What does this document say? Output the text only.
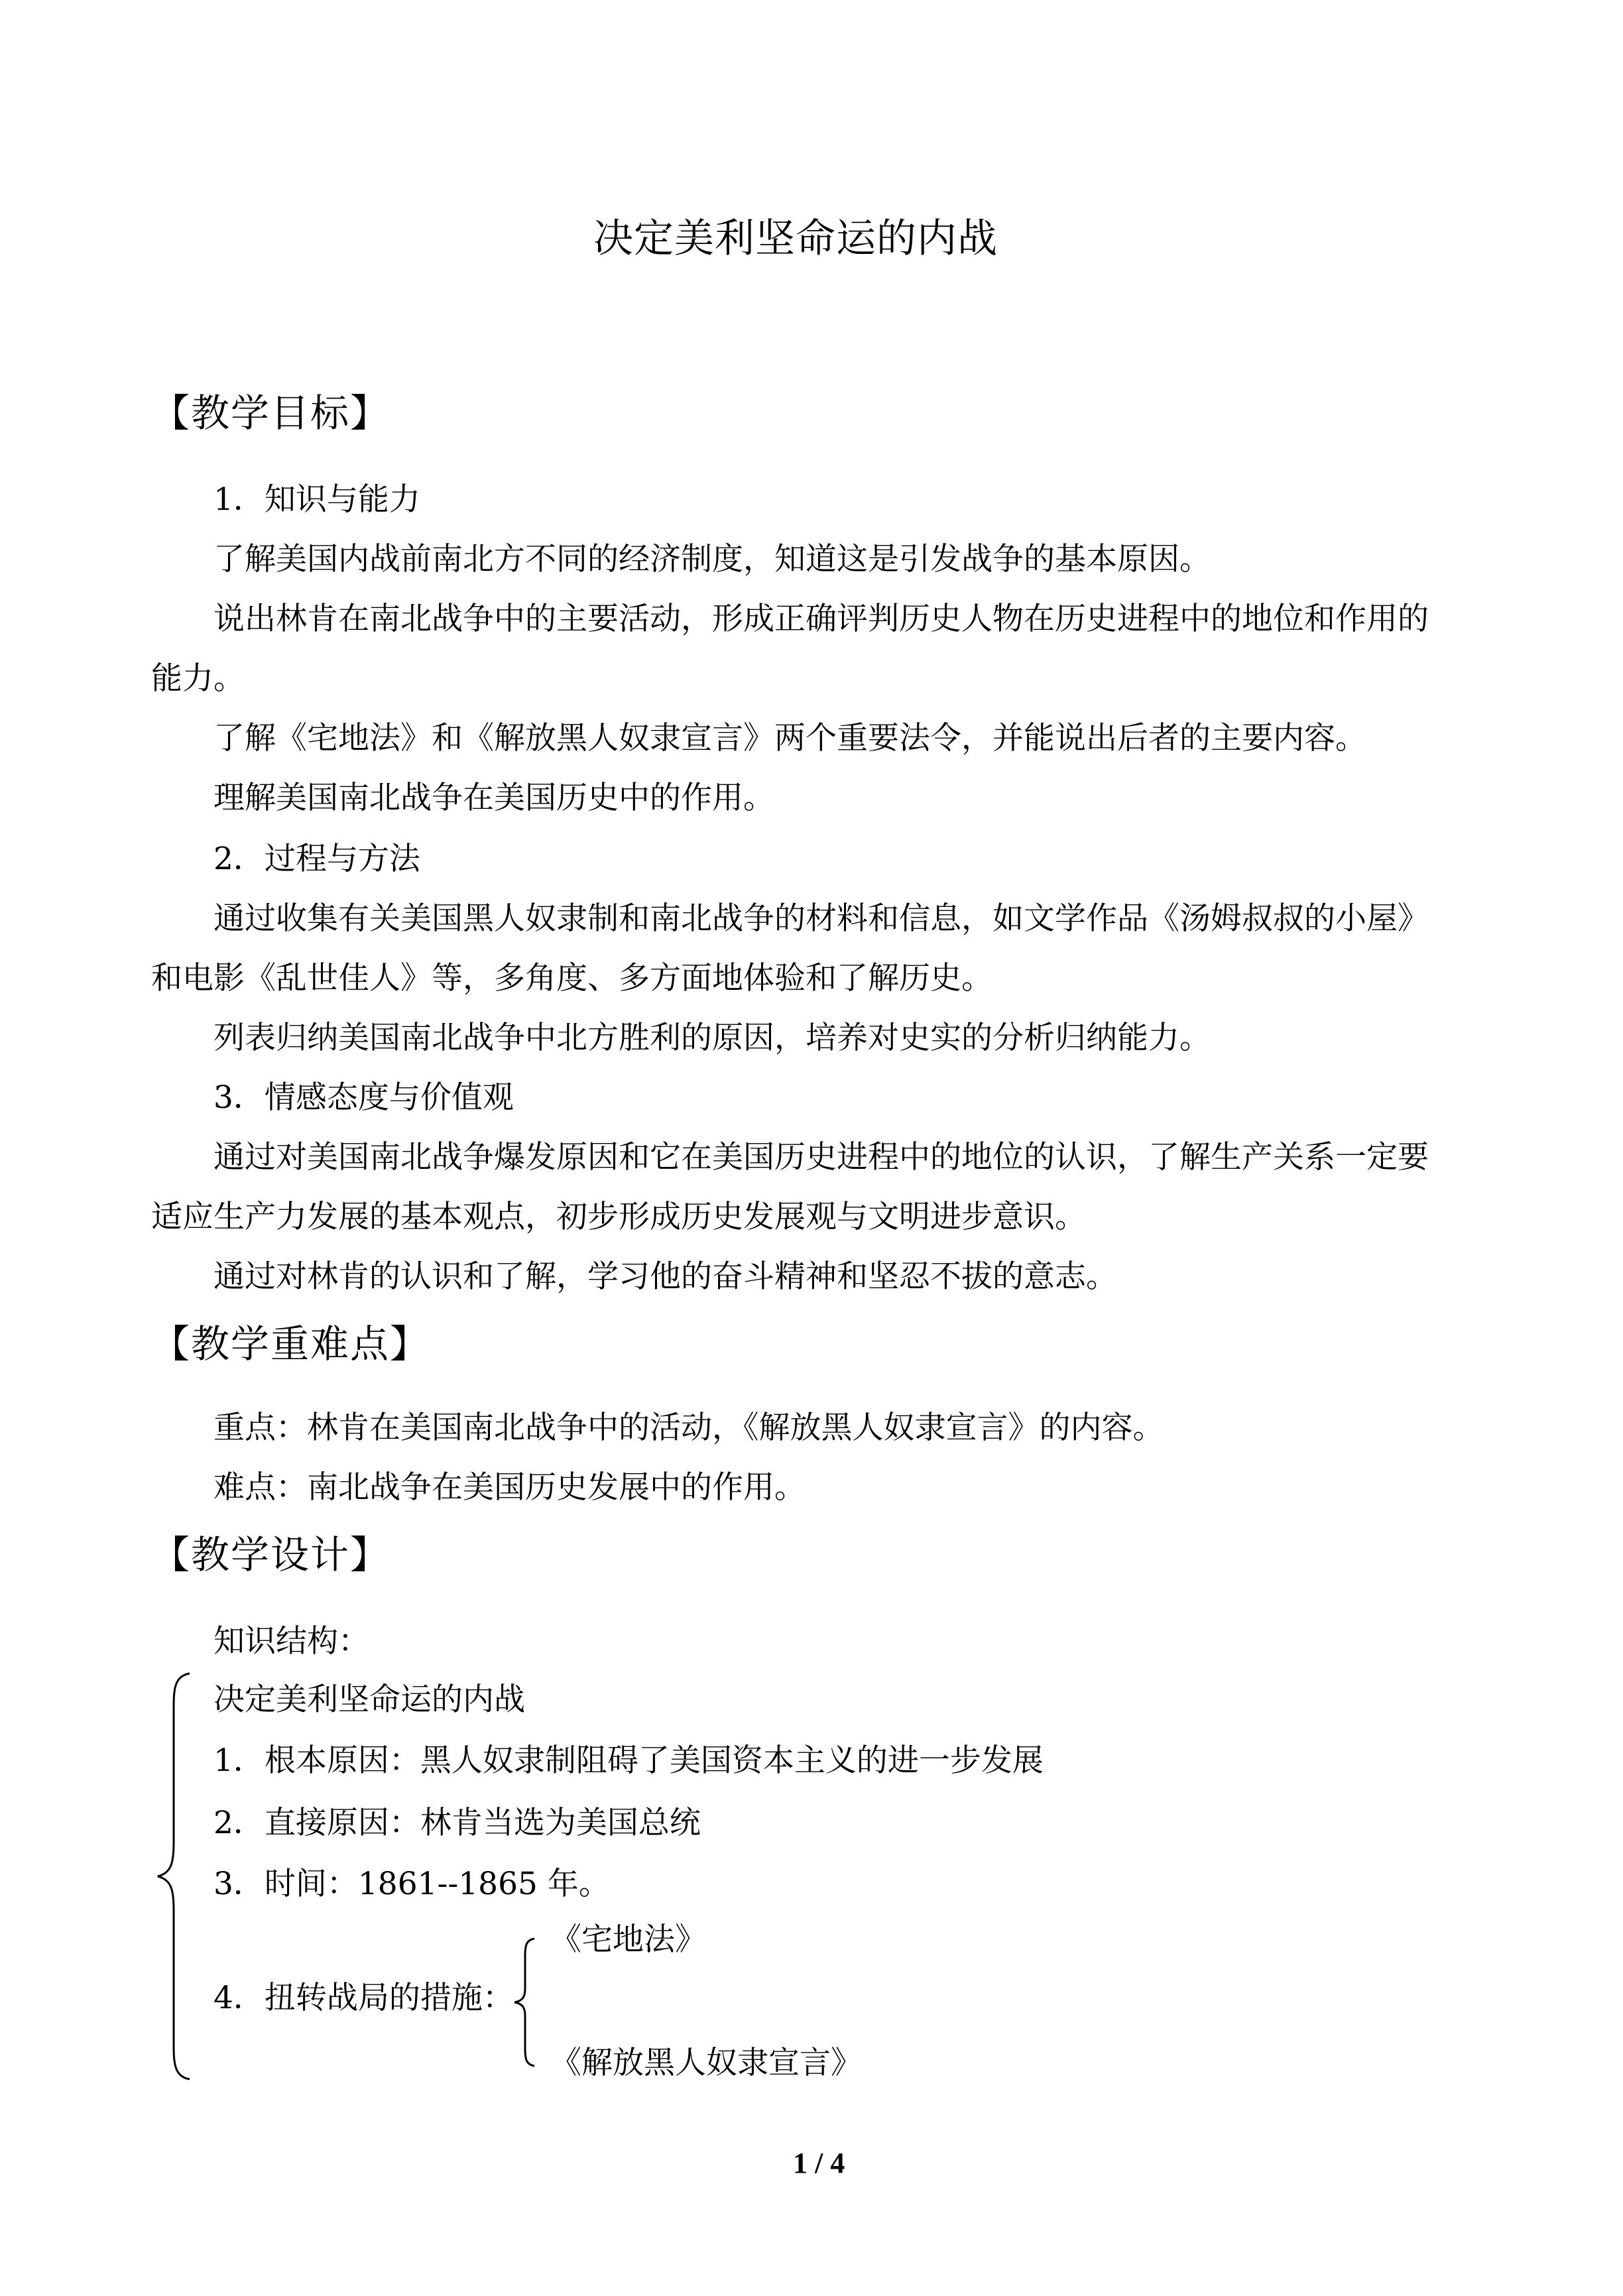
决定美利坚命运的内战
【教学目标】
1．知识与能力
了解美国内战前南北方不同的经济制度，知道这是引发战争的基本原因。
说出林肯在南北战争中的主要活动，形成正确评判历史人物在历史进程中的地位和作用的
能力。
了解《宅地法》和《解放黑人奴隶宣言》两个重要法令，并能说出后者的主要内容。
理解美国南北战争在美国历史中的作用。
2．过程与方法
通过收集有关美国黑人奴隶制和南北战争的材料和信息，如文学作品《汤姆叔叔的小屋》
和电影《乱世佳人》等，多角度、多方面地体验和了解历史。
列表归纳美国南北战争中北方胜利的原因，培养对史实的分析归纳能力。
3．情感态度与价值观
通过对美国南北战争爆发原因和它在美国历史进程中的地位的认识，了解生产关系一定要
适应生产力发展的基本观点，初步形成历史发展观与文明进步意识。
通过对林肯的认识和了解，学习他的奋斗精神和坚忍不拔的意志。
【教学重难点】
重点：林肯在美国南北战争中的活动，《解放黑人奴隶宣言》的内容。
难点：南北战争在美国历史发展中的作用。
【教学设计】
知识结构：
决定美利坚命运的内战
1．根本原因：黑人奴隶制阻碍了美国资本主义的进一步发展
2．直接原因：林肯当选为美国总统
3．时间：1861--1865 年。
4．扭转战局的措施：
《宅地法》
《解放黑人奴隶宣言》
1 / 4
